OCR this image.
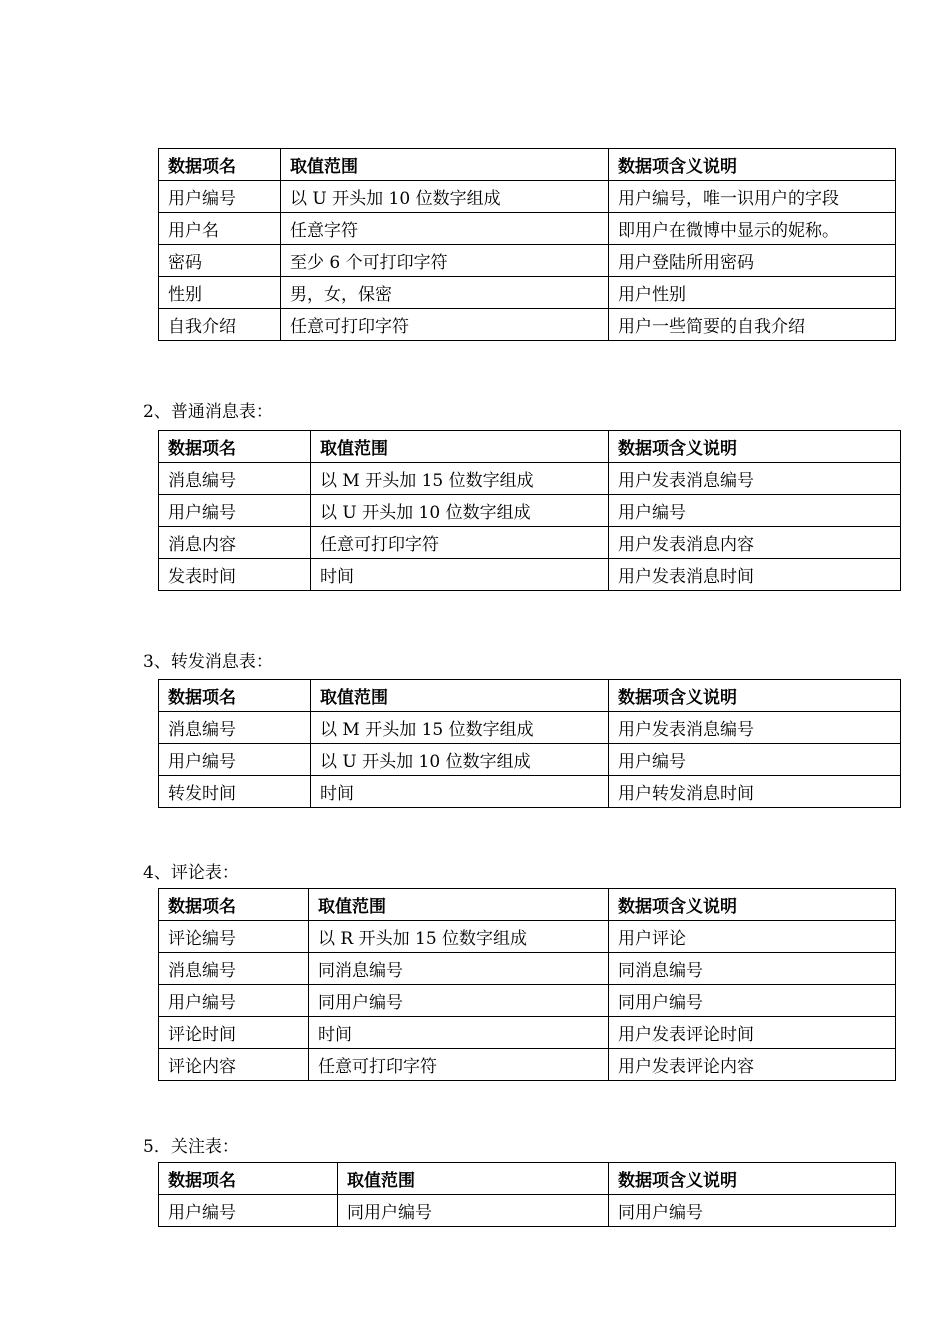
数据项名	取值范围	数据项含义说明
用户编号	以 U 开头加 10 位数字组成	用户编号，唯一识用户的字段
用户名	任意字符	即用户在微博中显示的妮称。
密码	至少 6 个可打印字符	用户登陆所用密码
性别	男，女，保密	用户性别
自我介绍	任意可打印字符	用户一些简要的自我介绍
2、普通消息表：
数据项名	取值范围	数据项含义说明
消息编号	以 M 开头加 15 位数字组成	用户发表消息编号
用户编号	以 U 开头加 10 位数字组成	用户编号
消息内容	任意可打印字符	用户发表消息内容
发表时间	时间	用户发表消息时间
3、转发消息表：
数据项名	取值范围	数据项含义说明
消息编号	以 M 开头加 15 位数字组成	用户发表消息编号
用户编号	以 U 开头加 10 位数字组成	用户编号
转发时间	时间	用户转发消息时间
4、评论表：
数据项名	取值范围	数据项含义说明
评论编号	以 R 开头加 15 位数字组成	用户评论
消息编号	同消息编号	同消息编号
用户编号	同用户编号	同用户编号
评论时间	时间	用户发表评论时间
评论内容	任意可打印字符	用户发表评论内容
5．关注表：
数据项名	取值范围	数据项含义说明
用户编号	同用户编号	同用户编号
